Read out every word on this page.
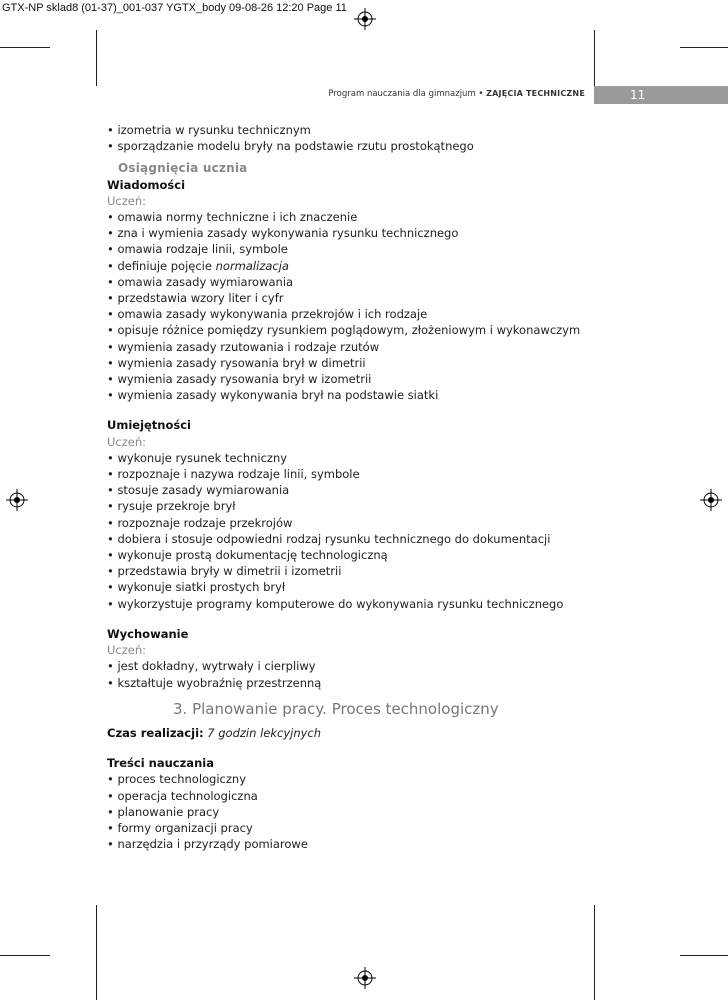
GTX-NP sklad8 (01-37)_001-037 YGTX_body 09-08-26 12:20 Page 11
Program nauczania dla gimnazjum • ZAJĘCIA TECHNICZNE	11
• izometria w rysunku technicznym
• sporządzanie modelu bryły na podstawie rzutu prostokątnego
Osiągnięcia ucznia
Wiadomości
Uczeń:
• omawia normy techniczne i ich znaczenie
• zna i wymienia zasady wykonywania rysunku technicznego
• omawia rodzaje linii, symbole
• definiuje pojęcie normalizacja
• omawia zasady wymiarowania
• przedstawia wzory liter i cyfr
• omawia zasady wykonywania przekrojów i ich rodzaje
• opisuje różnice pomiędzy rysunkiem poglądowym, złożeniowym i wykonawczym
• wymienia zasady rzutowania i rodzaje rzutów
• wymienia zasady rysowania brył w dimetrii
• wymienia zasady rysowania brył w izometrii
• wymienia zasady wykonywania brył na podstawie siatki
Umiejętności
Uczeń:
• wykonuje rysunek techniczny
• rozpoznaje i nazywa rodzaje linii, symbole
• stosuje zasady wymiarowania
• rysuje przekroje brył
• rozpoznaje rodzaje przekrojów
• dobiera i stosuje odpowiedni rodzaj rysunku technicznego do dokumentacji
• wykonuje prostą dokumentację technologiczną
• przedstawia bryły w dimetrii i izometrii
• wykonuje siatki prostych brył
• wykorzystuje programy komputerowe do wykonywania rysunku technicznego
Wychowanie
Uczeń:
• jest dokładny, wytrwały i cierpliwy
• kształtuje wyobraźnię przestrzenną
3. Planowanie pracy. Proces technologiczny
Czas realizacji: 7 godzin lekcyjnych
Treści nauczania
• proces technologiczny
• operacja technologiczna
• planowanie pracy
• formy organizacji pracy
• narzędzia i przyrządy pomiarowe
